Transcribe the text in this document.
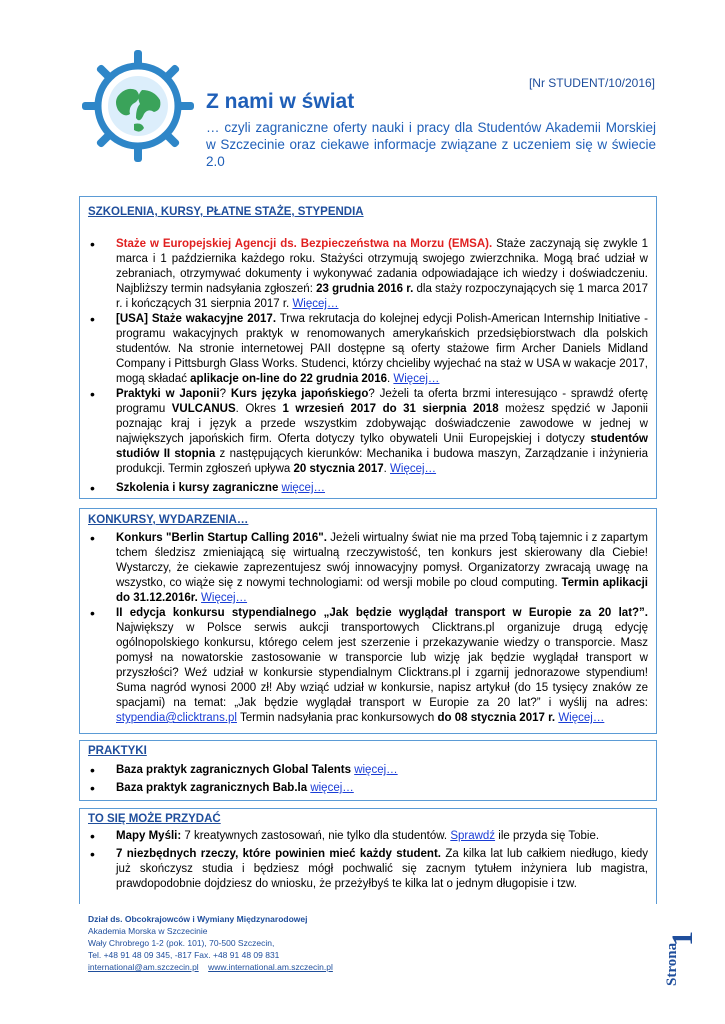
[Nr STUDENT/10/2016]
Z nami w świat

… czyli zagraniczne oferty nauki i pracy dla Studentów Akademii Morskiej w Szczecinie oraz ciekawe informacje związane z uczeniem się w świecie 2.0

SZKOLENIA, KURSY, PŁATNE STAŻE, STYPENDIA
• Staże w Europejskiej Agencji ds. Bezpieczeństwa na Morzu (EMSA). Staże zaczynają się zwykle 1 marca i 1 października każdego roku. Stażyści otrzymują swojego zwierzchnika. Mogą brać udział w zebraniach, otrzymywać dokumenty i wykonywać zadania odpowiadające ich wiedzy i doświadczeniu. Najbliższy termin nadsyłania zgłoszeń: 23 grudnia 2016 r. dla staży rozpoczynających się 1 marca 2017 r. i kończących 31 sierpnia 2017 r. Więcej…
• [USA] Staże wakacyjne 2017. Trwa rekrutacja do kolejnej edycji Polish-American Internship Initiative - programu wakacyjnych praktyk w renomowanych amerykańskich przedsiębiorstwach dla polskich studentów. Na stronie internetowej PAII dostępne są oferty stażowe firm Archer Daniels Midland Company i Pittsburgh Glass Works. Studenci, którzy chcieliby wyjechać na staż w USA w wakacje 2017, mogą składać aplikacje on-line do 22 grudnia 2016. Więcej…
• Praktyki w Japonii? Kurs języka japońskiego? Jeżeli ta oferta brzmi interesująco - sprawdź ofertę programu VULCANUS. Okres 1 wrzesień 2017 do 31 sierpnia 2018 możesz spędzić w Japonii poznając kraj i język a przede wszystkim zdobywając doświadczenie zawodowe w jednej w największych japońskich firm. Oferta dotyczy tylko obywateli Unii Europejskiej i dotyczy studentów studiów II stopnia z następujących kierunków: Mechanika i budowa maszyn, Zarządzanie i inżynieria produkcji. Termin zgłoszeń upływa 20 stycznia 2017. Więcej…
• Szkolenia i kursy zagraniczne więcej…
KONKURSY, WYDARZENIA…
• Konkurs "Berlin Startup Calling 2016". Jeżeli wirtualny świat nie ma przed Tobą tajemnic i z zapartym tchem śledzisz zmieniającą się wirtualną rzeczywistość, ten konkurs jest skierowany dla Ciebie! Wystarczy, że ciekawie zaprezentujesz swój innowacyjny pomysł. Organizatorzy zwracają uwagę na wszystko, co wiąże się z nowymi technologiami: od wersji mobile po cloud computing. Termin aplikacji do 31.12.2016r. Więcej…
• II edycja konkursu stypendialnego „Jak będzie wyglądał transport w Europie za 20 lat?”. Największy w Polsce serwis aukcji transportowych Clicktrans.pl organizuje drugą edycję ogólnopolskiego konkursu, którego celem jest szerzenie i przekazywanie wiedzy o transporcie. Masz pomysł na nowatorskie zastosowanie w transporcie lub wizję jak będzie wyglądał transport w przyszłości? Weź udział w konkursie stypendialnym Clicktrans.pl i zgarnij jednorazowe stypendium! Suma nagród wynosi 2000 zł! Aby wziąć udział w konkursie, napisz artykuł (do 15 tysięcy znaków ze spacjami) na temat: „Jak będzie wyglądał transport w Europie za 20 lat?” i wyślij na adres: stypendia@clicktrans.pl Termin nadsyłania prac konkursowych do 08 stycznia 2017 r. Więcej…
PRAKTYKI
• Baza praktyk zagranicznych Global Talents więcej…
• Baza praktyk zagranicznych Bab.la więcej…
TO SIĘ MOŻE PRZYDAĆ
• Mapy Myśli: 7 kreatywnych zastosowań, nie tylko dla studentów. Sprawdź ile przyda się Tobie.
• 7 niezbędnych rzeczy, które powinien mieć każdy student. Za kilka lat lub całkiem niedługo, kiedy już skończysz studia i będziesz mógł pochwalić się zacnym tytułem inżyniera lub magistra, prawdopodobnie dojdziesz do wniosku, że przeżyłbyś te kilka lat o jednym długopisie i tzw.
Dział ds. Obcokrajowców i Wymiany Międzynarodowej
Akademia Morska w Szczecinie
Wały Chrobrego 1-2 (pok. 101), 70-500 Szczecin,
Tel. +48 91 48 09 345, -817 Fax. +48 91 48 09 831
international@am.szczecin.pl www.international.am.szczecin.pl	Strona
1
